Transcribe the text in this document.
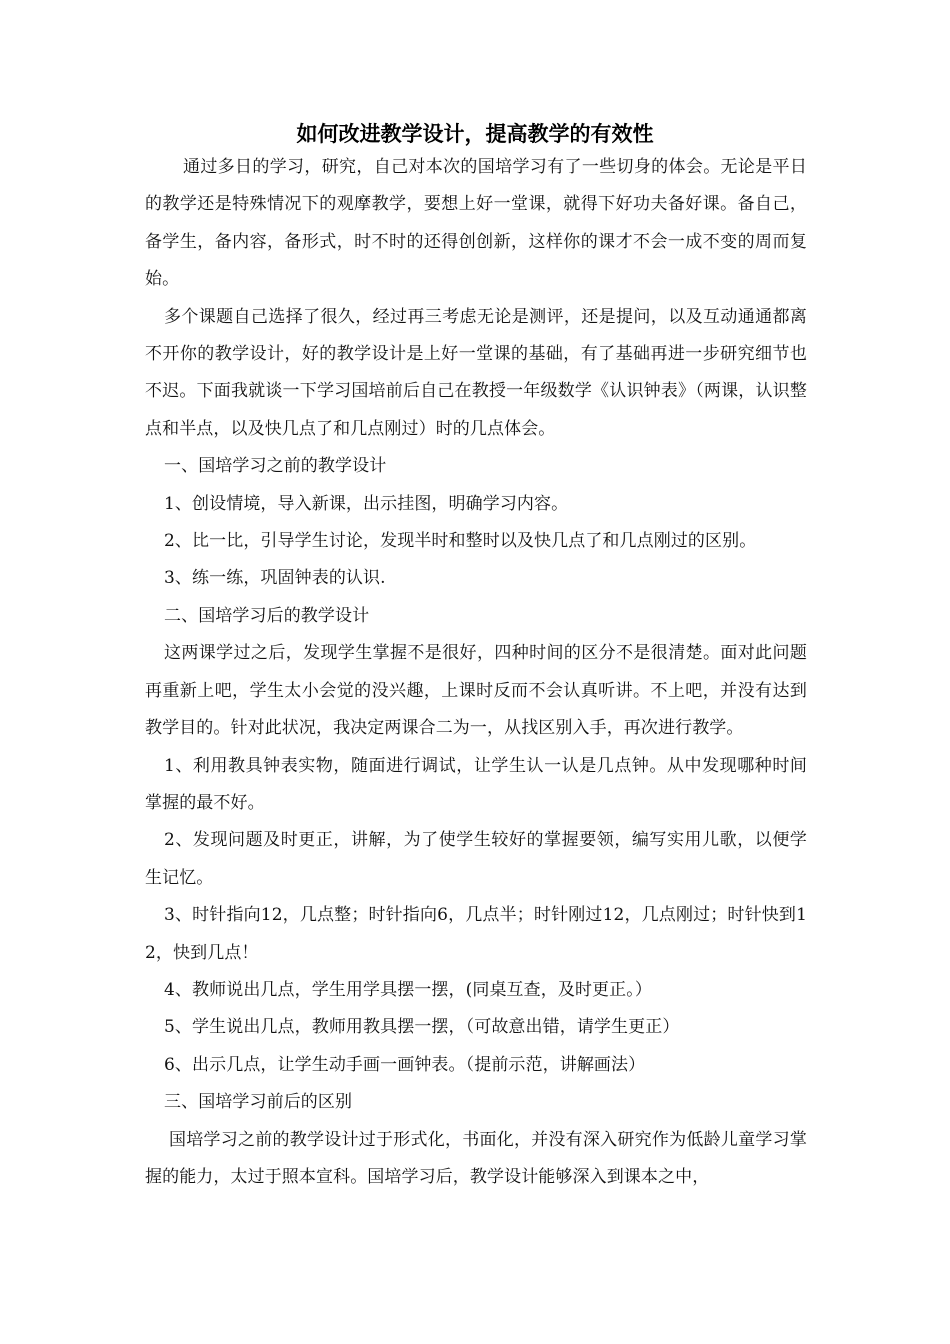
如何改进教学设计，提高教学的有效性

通过多日的学习，研究，自己对本次的国培学习有了一些切身的体会。无论是平日的教学还是特殊情况下的观摩教学，要想上好一堂课，就得下好功夫备好课。备自己，备学生，备内容，备形式，时不时的还得创创新，这样你的课才不会一成不变的周而复始。

多个课题自己选择了很久，经过再三考虑无论是测评，还是提问，以及互动通通都离不开你的教学设计，好的教学设计是上好一堂课的基础，有了基础再进一步研究细节也不迟。下面我就谈一下学习国培前后自己在教授一年级数学《认识钟表》（两课，认识整点和半点，以及快几点了和几点刚过）时的几点体会。

一、国培学习之前的教学设计

1、创设情境，导入新课，出示挂图，明确学习内容。

2、比一比，引导学生讨论，发现半时和整时以及快几点了和几点刚过的区别。

3、练一练，巩固钟表的认识.

二、国培学习后的教学设计

这两课学过之后，发现学生掌握不是很好，四种时间的区分不是很清楚。面对此问题再重新上吧，学生太小会觉的没兴趣，上课时反而不会认真听讲。不上吧，并没有达到教学目的。针对此状况，我决定两课合二为一，从找区别入手，再次进行教学。

1、利用教具钟表实物，随面进行调试，让学生认一认是几点钟。从中发现哪种时间掌握的最不好。

2、发现问题及时更正，讲解，为了使学生较好的掌握要领，编写实用儿歌，以便学生记忆。

3、时针指向12，几点整；时针指向6，几点半；时针刚过12，几点刚过；时针快到12，快到几点！

4、教师说出几点，学生用学具摆一摆，(同桌互查，及时更正。）

5、学生说出几点，教师用教具摆一摆，（可故意出错，请学生更正）

6、出示几点，让学生动手画一画钟表。（提前示范，讲解画法）

三、国培学习前后的区别

国培学习之前的教学设计过于形式化，书面化，并没有深入研究作为低龄儿童学习掌握的能力，太过于照本宣科。国培学习后，教学设计能够深入到课本之中，
